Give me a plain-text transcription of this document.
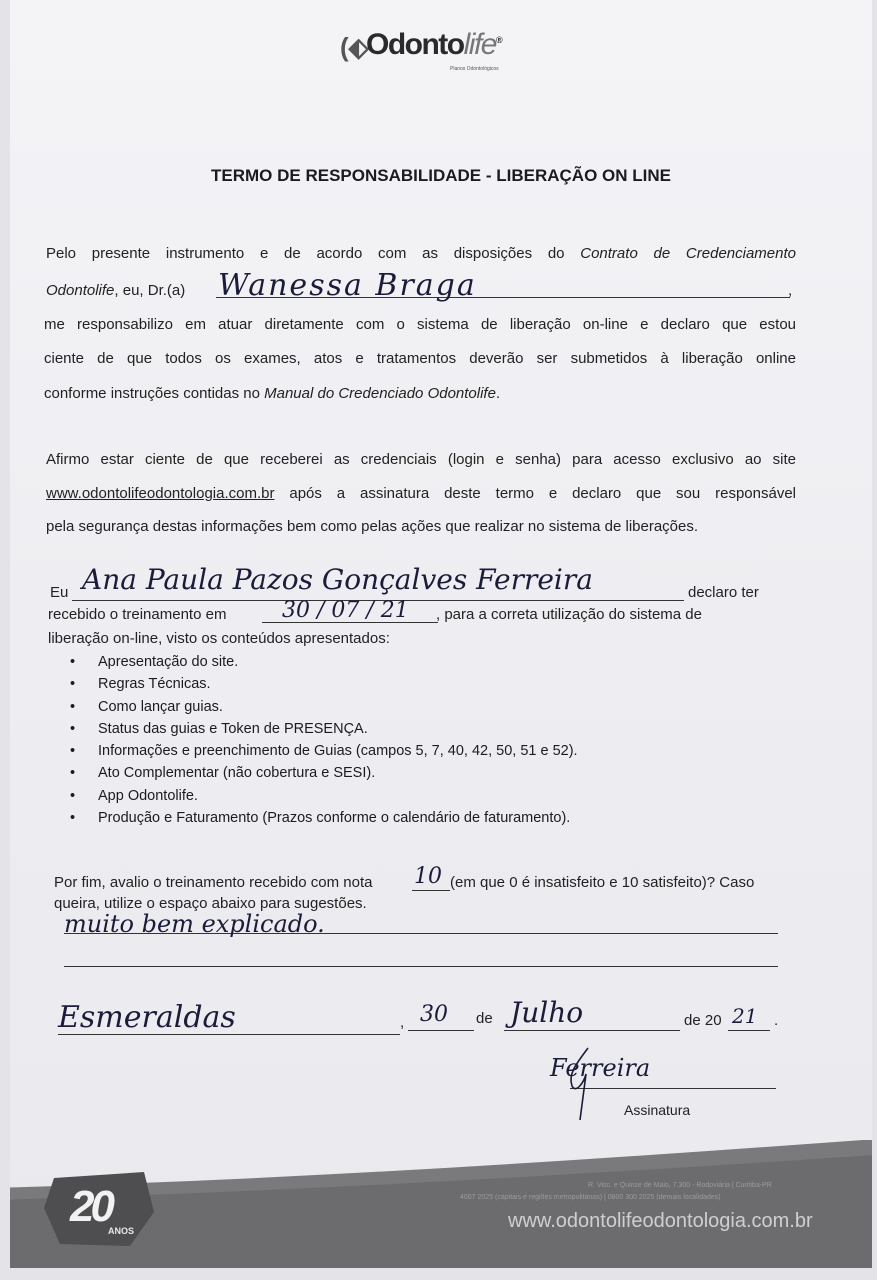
(⬖
Odontolife®
Planos Odontológicos
TERMO DE RESPONSABILIDADE - LIBERAÇÃO ON LINE
Pelo presente instrumento e de acordo com as disposições do Contrato de Credenciamento
Odontolife, eu, Dr.(a) Wanessa Braga	,
me responsabilizo em atuar diretamente com o sistema de liberação on-line e declaro que estou
ciente de que todos os exames, atos e tratamentos deverão ser submetidos à liberação online
conforme instruções contidas no Manual do Credenciado Odontolife.
Afirmo estar ciente de que receberei as credenciais (login e senha) para acesso exclusivo ao site
www.odontolifeodontologia.com.br após a assinatura deste termo e declaro que sou responsável
pela segurança destas informações bem como pelas ações que realizar no sistema de liberações.
Eu Ana Paula Pazos Gonçalves Ferreira	declaro ter
recebido o treinamento em	30 / 07 / 21 , para a correta utilização do sistema de
liberação on-line, visto os conteúdos apresentados:
• Apresentação do site.
• Regras Técnicas.
• Como lançar guias.
• Status das guias e Token de PRESENÇA.
• Informações e preenchimento de Guias (campos 5, 7, 40, 42, 50, 51 e 52).
• Ato Complementar (não cobertura e SESI).
• App Odontolife.
• Produção e Faturamento (Prazos conforme o calendário de faturamento).
Por fim, avalio o treinamento recebido com nota 10 (em que 0 é insatisfeito e 10 satisfeito)? Caso
queira, utilize o espaço abaixo para sugestões.
muito bem explicado.
Esmeraldas	, 30 de Julho	de 20 21 .
Ferreira
Assinatura
20
ANOS
R. Visc. e Quinze de Maio, 7.300 - Rodoviária | Curitiba-PR
4007 2025 (capitais e regiões metropolitanas) | 0800 300 2025 (demais localidades)
www.odontolifeodontologia.com.br
